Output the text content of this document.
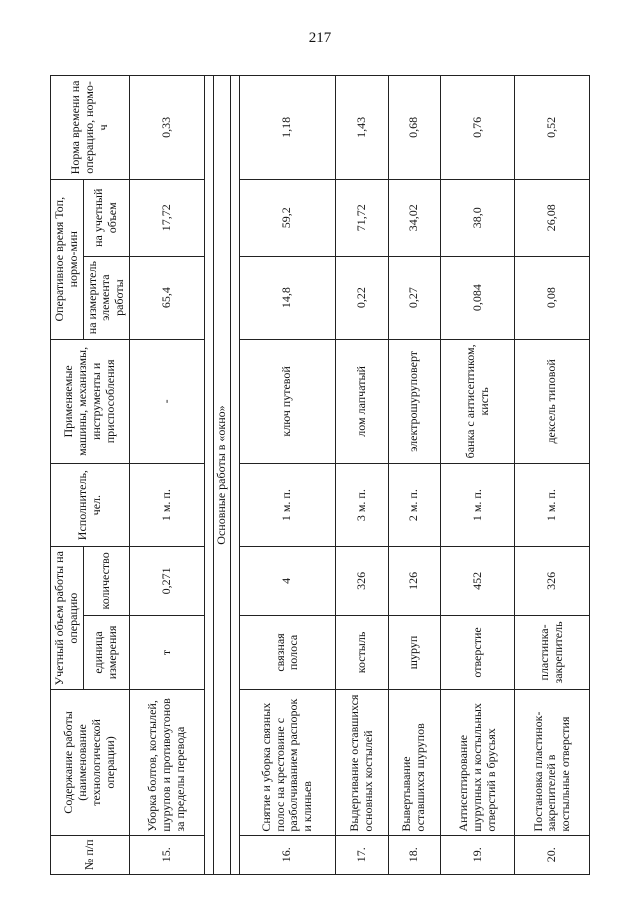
217
№ п/п	Содержание работы (наименование технологической операции)	Учетный объем работы на операцию		Исполнитель, чел.	Применяемые машины, механизмы, инструменты и приспособления	Оперативное время Топ, нормо-мин		Норма времени на операцию, нормо-ч
		единица измерения	количество			на измеритель элемента работы	на учетный объем	
15.	Уборка болтов, костылей, шурупов и противоугонов за пределы перевода	т	0,271	1 м. п.	-	65,4	17,72	0,33

Основные работы в «окно»								

16.	Снятие и уборка связных полос на крестовине с разболчиванием распорок и клиньев	связная полоса	4	1 м. п.	ключ путевой	14,8	59,2	1,18
17.	Выдергивание оставшихся основных костылей	костыль	326	3 м. п.	лом лапчатый	0,22	71,72	1,43
18.	Вывертывание оставшихся шурупов	шуруп	126	2 м. п.	электрошуруповерт	0,27	34,02	0,68
19.	Антисептирование шурупных и костыльных отверстий в брусьях	отверстие	452	1 м. п.	банка с антисептиком, кисть	0,084	38,0	0,76
20.	Постановка пластинок-закрепителей в костыльные отверстия	пластинка-закрепитель	326	1 м. п.	дексель типовой	0,08	26,08	0,52
